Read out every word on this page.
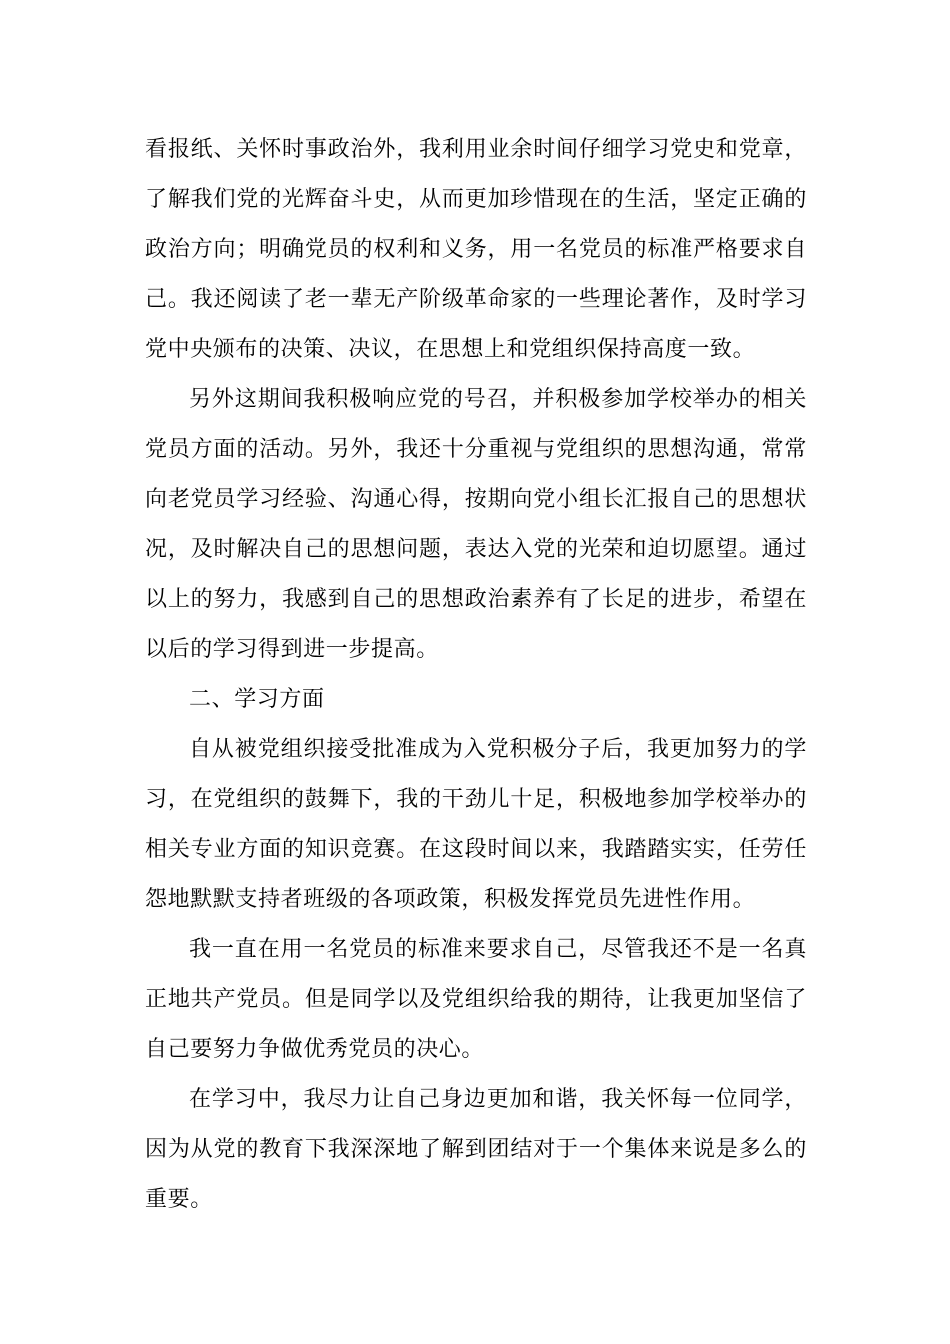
看报纸、关怀时事政治外，我利用业余时间仔细学习党史和党章，了解我们党的光辉奋斗史，从而更加珍惜现在的生活，坚定正确的政治方向；明确党员的权利和义务，用一名党员的标准严格要求自己。我还阅读了老一辈无产阶级革命家的一些理论著作，及时学习党中央颁布的决策、决议，在思想上和党组织保持高度一致。

另外这期间我积极响应党的号召，并积极参加学校举办的相关党员方面的活动。另外，我还十分重视与党组织的思想沟通，常常向老党员学习经验、沟通心得，按期向党小组长汇报自己的思想状况，及时解决自己的思想问题，表达入党的光荣和迫切愿望。通过以上的努力，我感到自己的思想政治素养有了长足的进步，希望在以后的学习得到进一步提高。

二、学习方面

自从被党组织接受批准成为入党积极分子后，我更加努力的学习，在党组织的鼓舞下，我的干劲儿十足，积极地参加学校举办的相关专业方面的知识竞赛。在这段时间以来，我踏踏实实，任劳任怨地默默支持者班级的各项政策，积极发挥党员先进性作用。

我一直在用一名党员的标准来要求自己，尽管我还不是一名真正地共产党员。但是同学以及党组织给我的期待，让我更加坚信了自己要努力争做优秀党员的决心。

在学习中，我尽力让自己身边更加和谐，我关怀每一位同学，因为从党的教育下我深深地了解到团结对于一个集体来说是多么的重要。
